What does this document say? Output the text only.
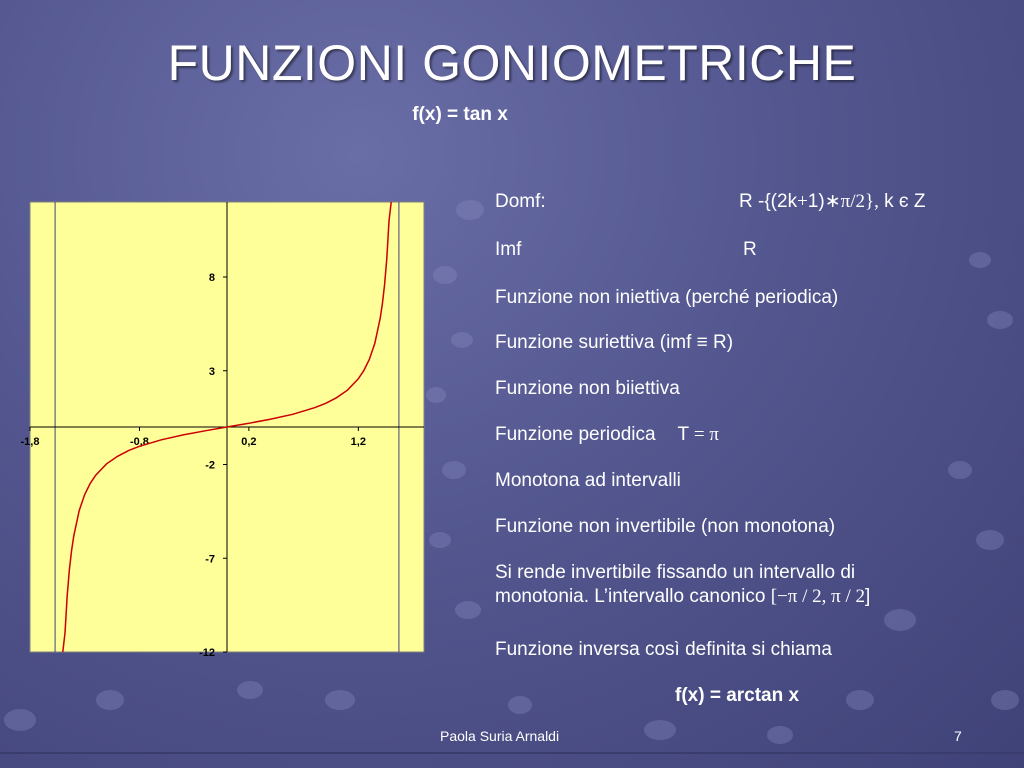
FUNZIONI GONIOMETRICHE
f(x) = tan x
-1,8	-0,8	0,2	1,2
8
3
-2
-7
-12
Domf:	R -{(2k+1)∗π/2}, k є Z
Imf	R
Funzione non iniettiva (perché periodica)
Funzione suriettiva (imf ≡ R)
Funzione non biiettiva
Funzione periodica T = π
Monotona ad intervalli
Funzione non invertibile (non monotona)
Si rende invertibile fissando un intervallo di
monotonia. L’intervallo canonico [−π / 2, π / 2]
Funzione inversa così definita si chiama
f(x) = arctan x
Paola Suria Arnaldi	7
